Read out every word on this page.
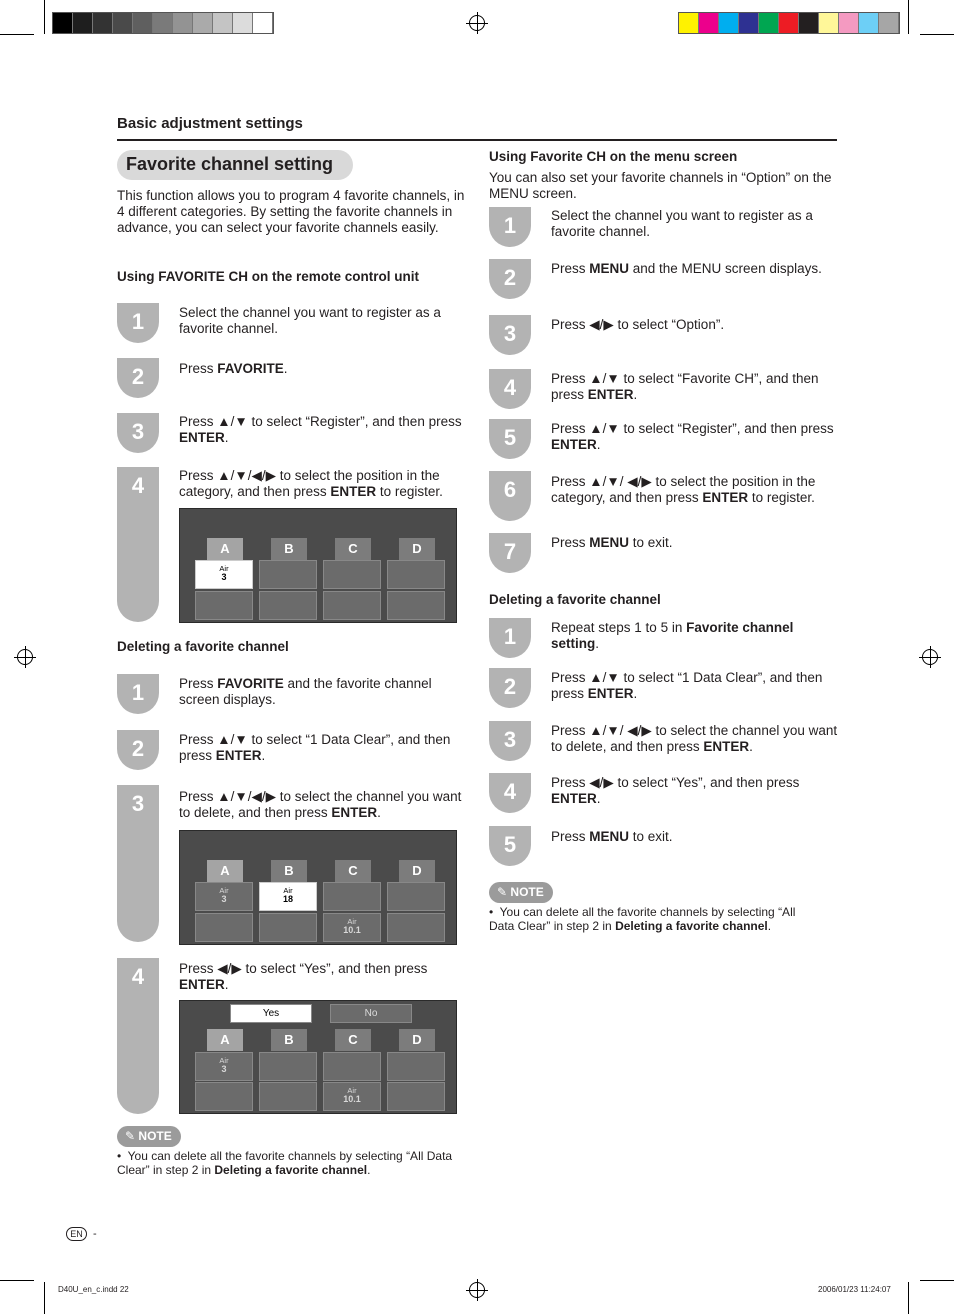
Basic adjustment settings
Favorite channel setting
This function allows you to program 4 favorite channels, in 4 different categories. By setting the favorite channels in advance, you can select your favorite channels easily.
Using FAVORITE CH on the remote control unit
1	Select the channel you want to register as a favorite channel.
2	Press FAVORITE.
3	Press ▲/▼ to select “Register”, and then press ENTER.
4	Press ▲/▼/◀/▶ to select the position in the category, and then press ENTER to register.
A	B	C	D
Air
3
Deleting a favorite channel
1	Press FAVORITE and the favorite channel screen displays.
2	Press ▲/▼ to select “1 Data Clear”, and then press ENTER.
3	Press ▲/▼/◀/▶ to select the channel you want to delete, and then press ENTER.
A	B	C	D
Air
3
Air
18
Air
10.1
4	Press ◀/▶ to select “Yes”, and then press ENTER.
Yes	No
A	B	C	D
Air
3
Air
10.1
✎ NOTE
•  You can delete all the favorite channels by selecting “All Data Clear” in step 2 in Deleting a favorite channel.
Using Favorite CH on the menu screen
You can also set your favorite channels in “Option” on the MENU screen.
1	Select the channel you want to register as a favorite channel.
2	Press MENU and the MENU screen displays.
3	Press ◀/▶ to select “Option”.
4	Press ▲/▼ to select “Favorite CH”, and then press ENTER.
5	Press ▲/▼ to select “Register”, and then press ENTER.
6	Press ▲/▼/ ◀/▶ to select the position in the category, and then press ENTER to register.
7	Press MENU to exit.
Deleting a favorite channel
1	Repeat steps 1 to 5 in Favorite channel setting.
2	Press ▲/▼ to select “1 Data Clear”, and then press ENTER.
3	Press ▲/▼/ ◀/▶ to select the channel you want to delete, and then press ENTER.
4	Press ◀/▶ to select “Yes”, and then press ENTER.
5	Press MENU to exit.
✎ NOTE
•  You can delete all the favorite channels by selecting “All Data Clear” in step 2 in Deleting a favorite channel.
EN -
D40U_en_c.indd 22	2006/01/23 11:24:07
